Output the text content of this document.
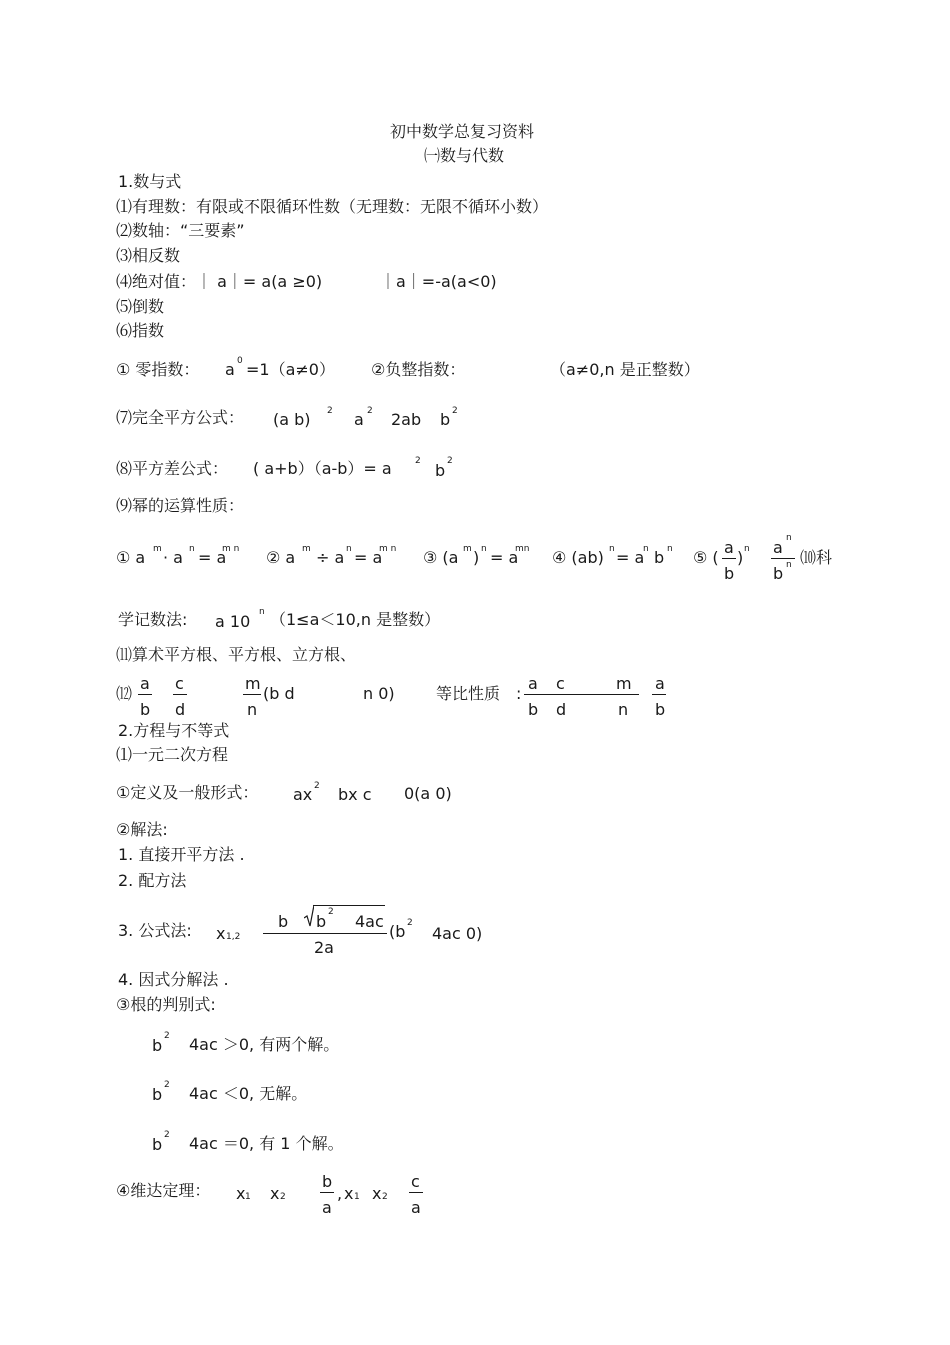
初中数学总复习资料
㈠数与代数
1.数与式
⑴有理数：有限或不限循环性数（无理数：无限不循环小数）
⑵数轴：“三要素”
⑶相反数
⑷绝对值：｜ a｜= a(a ≥0)	｜a｜=-a(a<0)
⑸倒数
⑹指数
① 零指数： a 0 =1（a≠0） ②负整指数：	（a≠0,n 是正整数）
⑺完全平方公式： (a b) 2 a 2 2ab b 2
⑻平方差公式： ( a+b）（a-b）= a	2 b 2
⑼幂的运算性质：
① a m · a n = a
m n ② a m ÷ a n = a
m n ③ (a m ) n = a
mn ④ (ab) n = a
n b n ⑤ (
a
b
) n a n
b n ⑽科
学记数法: a 10 n （1≤a＜10,n 是整数）
⑾算术平方根、平方根、立方根、
⑿
a
b
c
d
m
n
(b d	n 0)	等比性质 :
a c	m
b d	n
a
b
2.方程与不等式
⑴一元二次方程
①定义及一般形式： ax 2 bx c 0(a 0)
②解法:
1. 直接开平方法 .
2. 配方法
3. 公式法: x 1,2
b b 2 4ac
2a
(b 2
4ac 0)
4. 因式分解法 .
③根的判别式:
b 2 4ac ＞0, 有两个解。
b 2 4ac ＜0, 无解。
b 2 4ac ＝0, 有 1 个解。
④维达定理： x 1 x 2
b
a
, x 1 x 2
c
a
